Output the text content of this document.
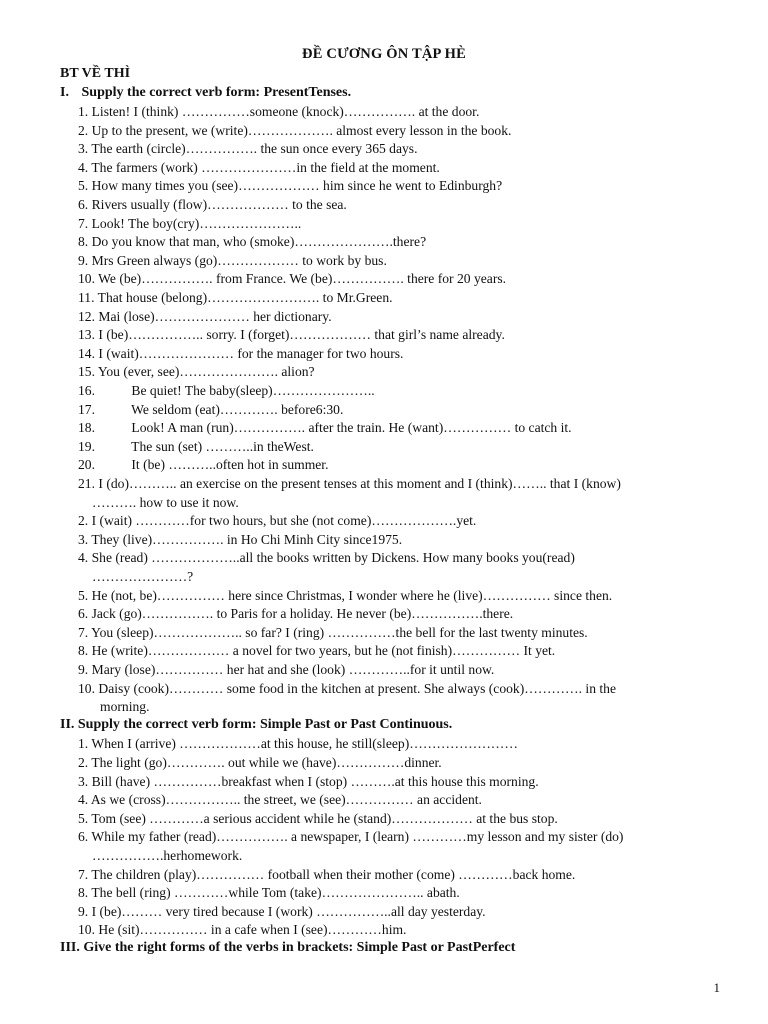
ĐỀ CƯƠNG ÔN TẬP HÈ
BT VỀ THÌ
I. Supply the correct verb form: PresentTenses.
1. Listen! I (think) ……………someone (knock)……………. at the door.
2. Up to the present, we (write)………………. almost every lesson in the book.
3. The earth (circle)……………. the sun once every 365 days.
4. The farmers (work) …………………in the field at the moment.
5. How many times you (see)……………… him since he went to Edinburgh?
6. Rivers usually (flow)……………… to the sea.
7. Look! The boy(cry)…………………..
8. Do you know that man, who (smoke)………………….there?
9. Mrs Green always (go)……………… to work by bus.
10. We (be)……………. from France. We (be)……………. there for 20 years.
11. That house (belong)……………………. to Mr.Green.
12. Mai (lose)………………… her dictionary.
13. I (be)…………….. sorry. I (forget)……………… that girl’s name already.
14. I (wait)………………… for the manager for two hours.
15. You (ever, see)…………………. alion?
16.	Be quiet! The baby(sleep)…………………..
17.	We seldom (eat)…………. before6:30.
18.	Look! A man (run)……………. after the train. He (want)…………… to catch it.
19.	The sun (set) ………..in theWest.
20.	It (be) ………..often hot in summer.
21. I (do)……….. an exercise on the present tenses at this moment and I (think)…….. that I (know)
………. how to use it now.
2. I (wait) …………for two hours, but she (not come)……………….yet.
3. They (live)……………. in Ho Chi Minh City since1975.
4. She (read) ………………..all the books written by Dickens. How many books you(read)
…………………?
5. He (not, be)…………… here since Christmas, I wonder where he (live)…………… since then.
6. Jack (go)……………. to Paris for a holiday. He never (be)…………….there.
7. You (sleep)……………….. so far? I (ring) ……………the bell for the last twenty minutes.
8. He (write)……………… a novel for two years, but he (not finish)…………… It yet.
9. Mary (lose)…………… her hat and she (look) …………..for it until now.
10. Daisy (cook)………… some food in the kitchen at present. She always (cook)…………. in the
morning.
II. Supply the correct verb form: Simple Past or Past Continuous.
1. When I (arrive) ………………at this house, he still(sleep)……………………
2. The light (go)…………. out while we (have)……………dinner.
3. Bill (have) ……………breakfast when I (stop) ……….at this house this morning.
4. As we (cross)…………….. the street, we (see)…………… an accident.
5. Tom (see) …………a serious accident while he (stand)……………… at the bus stop.
6. While my father (read)……………. a newspaper, I (learn) …………my lesson and my sister (do)
…………….herhomework.
7. The children (play)…………… football when their mother (come) …………back home.
8. The bell (ring) …………while Tom (take)………………….. abath.
9. I (be)……… very tired because I (work) ……………..all day yesterday.
10. He (sit)…………… in a cafe when I (see)…………him.
III. Give the right forms of the verbs in brackets: Simple Past or PastPerfect
1
